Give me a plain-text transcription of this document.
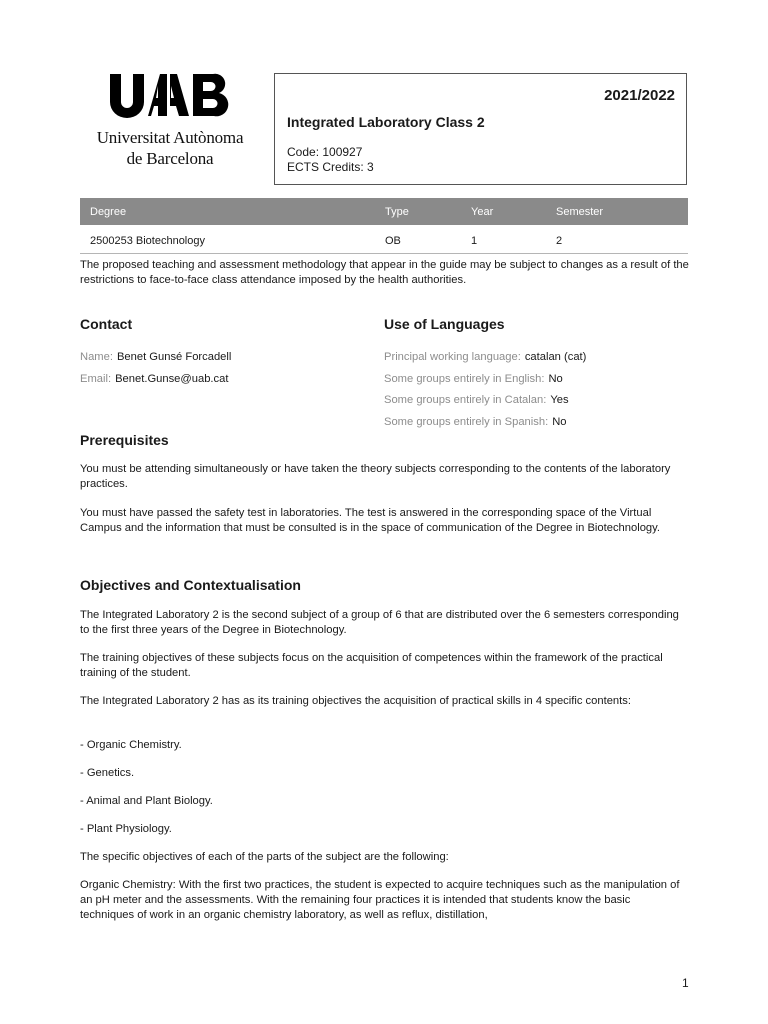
Universitat Autònoma
de Barcelona
2021/2022
Integrated Laboratory Class 2
Code: 100927
ECTS Credits: 3
Degree	Type	Year	Semester
2500253 Biotechnology	OB	1	2
The proposed teaching and assessment methodology that appear in the guide may be subject to changes as a result of the restrictions to face-to-face class attendance imposed by the health authorities.
Contact
Name: Benet Gunsé Forcadell
Email: Benet.Gunse@uab.cat
Use of Languages
Principal working language: catalan (cat)
Some groups entirely in English: No
Some groups entirely in Catalan: Yes
Some groups entirely in Spanish: No
Prerequisites
You must be attending simultaneously or have taken the theory subjects corresponding to the contents of the laboratory practices.
You must have passed the safety test in laboratories. The test is answered in the corresponding space of the Virtual Campus and the information that must be consulted is in the space of communication of the Degree in Biotechnology.
Objectives and Contextualisation
The Integrated Laboratory 2 is the second subject of a group of 6 that are distributed over the 6 semesters corresponding to the first three years of the Degree in Biotechnology.
The training objectives of these subjects focus on the acquisition of competences within the framework of the practical training of the student.
The Integrated Laboratory 2 has as its training objectives the acquisition of practical skills in 4 specific contents:
- Organic Chemistry.
- Genetics.
- Animal and Plant Biology.
- Plant Physiology.
The specific objectives of each of the parts of the subject are the following:
Organic Chemistry: With the first two practices, the student is expected to acquire techniques such as the manipulation of an pH meter and the assessments. With the remaining four practices it is intended that students know the basic techniques of work in an organic chemistry laboratory, as well as reflux, distillation,
1
